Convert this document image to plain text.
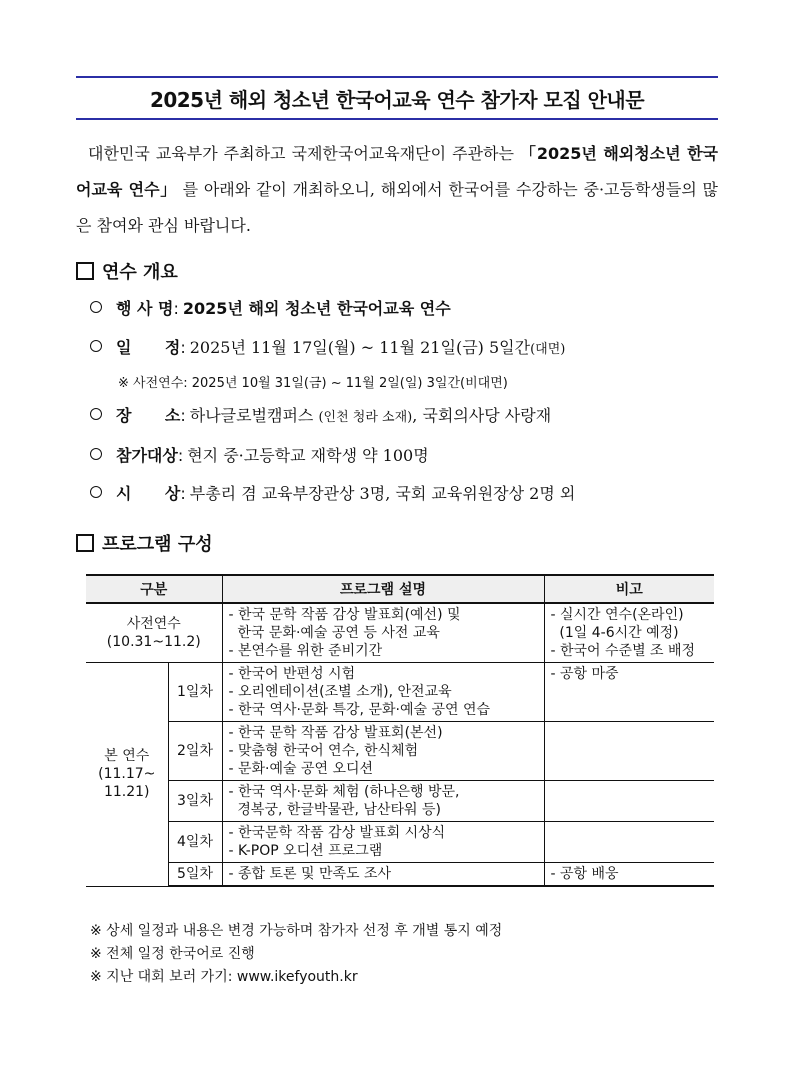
2025년 해외 청소년 한국어교육 연수 참가자 모집 안내문
대한민국 교육부가 주최하고 국제한국어교육재단이 주관하는 「2025년 해외청소년 한국어교육 연수」 를 아래와 같이 개최하오니, 해외에서 한국어를 수강하는 중·고등학생들의 많은 참여와 관심 바랍니다.
연수 개요
행 사 명 : 2025년 해외 청소년 한국어교육 연수
일      정 : 2025년 11월 17일(월) ~ 11월 21일(금) 5일간(대면)
※ 사전연수: 2025년 10월 31일(금) ~ 11월 2일(일) 3일간(비대면)
장      소 : 하나글로벌캠퍼스 (인천 청라 소재), 국회의사당 사랑재
참가대상 : 현지 중·고등학교 재학생 약 100명
시      상 : 부총리 겸 교육부장관상 3명, 국회 교육위원장상 2명 외
프로그램 구성
구분		프로그램 설명	비고

사전연수
(10.31~11.2)		- 한국 문학 작품 감상 발표회(예선) 및
한국 문화·예술 공연 등 사전 교육
- 본연수를 위한 준비기간	- 실시간 연수(온라인)
(1일 4-6시간 예정)
- 한국어 수준별 조 배정

본 연수
(11.17~
11.21)	1일차	- 한국어 반편성 시험
- 오리엔테이션(조별 소개), 안전교육
- 한국 역사·문화 특강, 문화·예술 공연 연습	- 공항 마중
	2일차	- 한국 문학 작품 감상 발표회(본선)
- 맞춤형 한국어 연수, 한식체험
- 문화·예술 공연 오디션	

	3일차	- 한국 역사·문화 체험 (하나은행 방문,
경복궁, 한글박물관, 남산타워 등)	

	4일차	- 한국문학 작품 감상 발표회 시상식
- K-POP 오디션 프로그램	

	5일차	- 종합 토론 및 만족도 조사	- 공항 배웅
※ 상세 일정과 내용은 변경 가능하며 참가자 선정 후 개별 통지 예정
※ 전체 일정 한국어로 진행
※ 지난 대회 보러 가기: www.ikefyouth.kr
